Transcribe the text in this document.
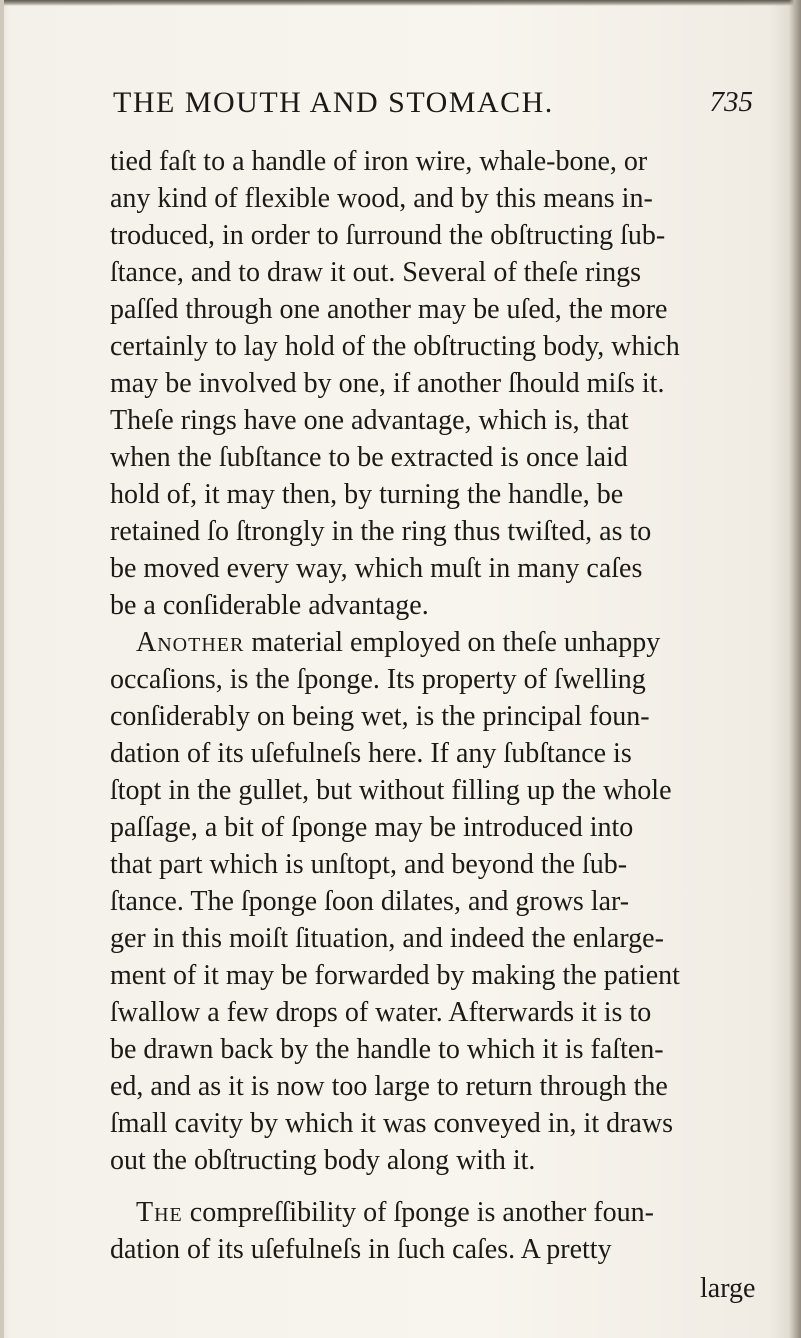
THE MOUTH AND STOMACH.	735
tied faſt to a handle of iron wire, whale-bone, or
any kind of flexible wood, and by this means in-
troduced, in order to ſurround the obſtructing ſub-
ſtance, and to draw it out. Several of theſe rings
paſſed through one another may be uſed, the more
certainly to lay hold of the obſtructing body, which
may be involved by one, if another ſhould miſs it.
Theſe rings have one advantage, which is, that
when the ſubſtance to be extracted is once laid
hold of, it may then, by turning the handle, be
retained ſo ſtrongly in the ring thus twiſted, as to
be moved every way, which muſt in many caſes
be a conſiderable advantage.
Another material employed on theſe unhappy
occaſions, is the ſponge. Its property of ſwelling
conſiderably on being wet, is the principal foun-
dation of its uſefulneſs here. If any ſubſtance is
ſtopt in the gullet, but without filling up the whole
paſſage, a bit of ſponge may be introduced into
that part which is unſtopt, and beyond the ſub-
ſtance. The ſponge ſoon dilates, and grows lar-
ger in this moiſt ſituation, and indeed the enlarge-
ment of it may be forwarded by making the patient
ſwallow a few drops of water. Afterwards it is to
be drawn back by the handle to which it is faſten-
ed, and as it is now too large to return through the
ſmall cavity by which it was conveyed in, it draws
out the obſtructing body along with it.
The compreſſibility of ſponge is another foun-
dation of its uſefulneſs in ſuch caſes. A pretty
large
